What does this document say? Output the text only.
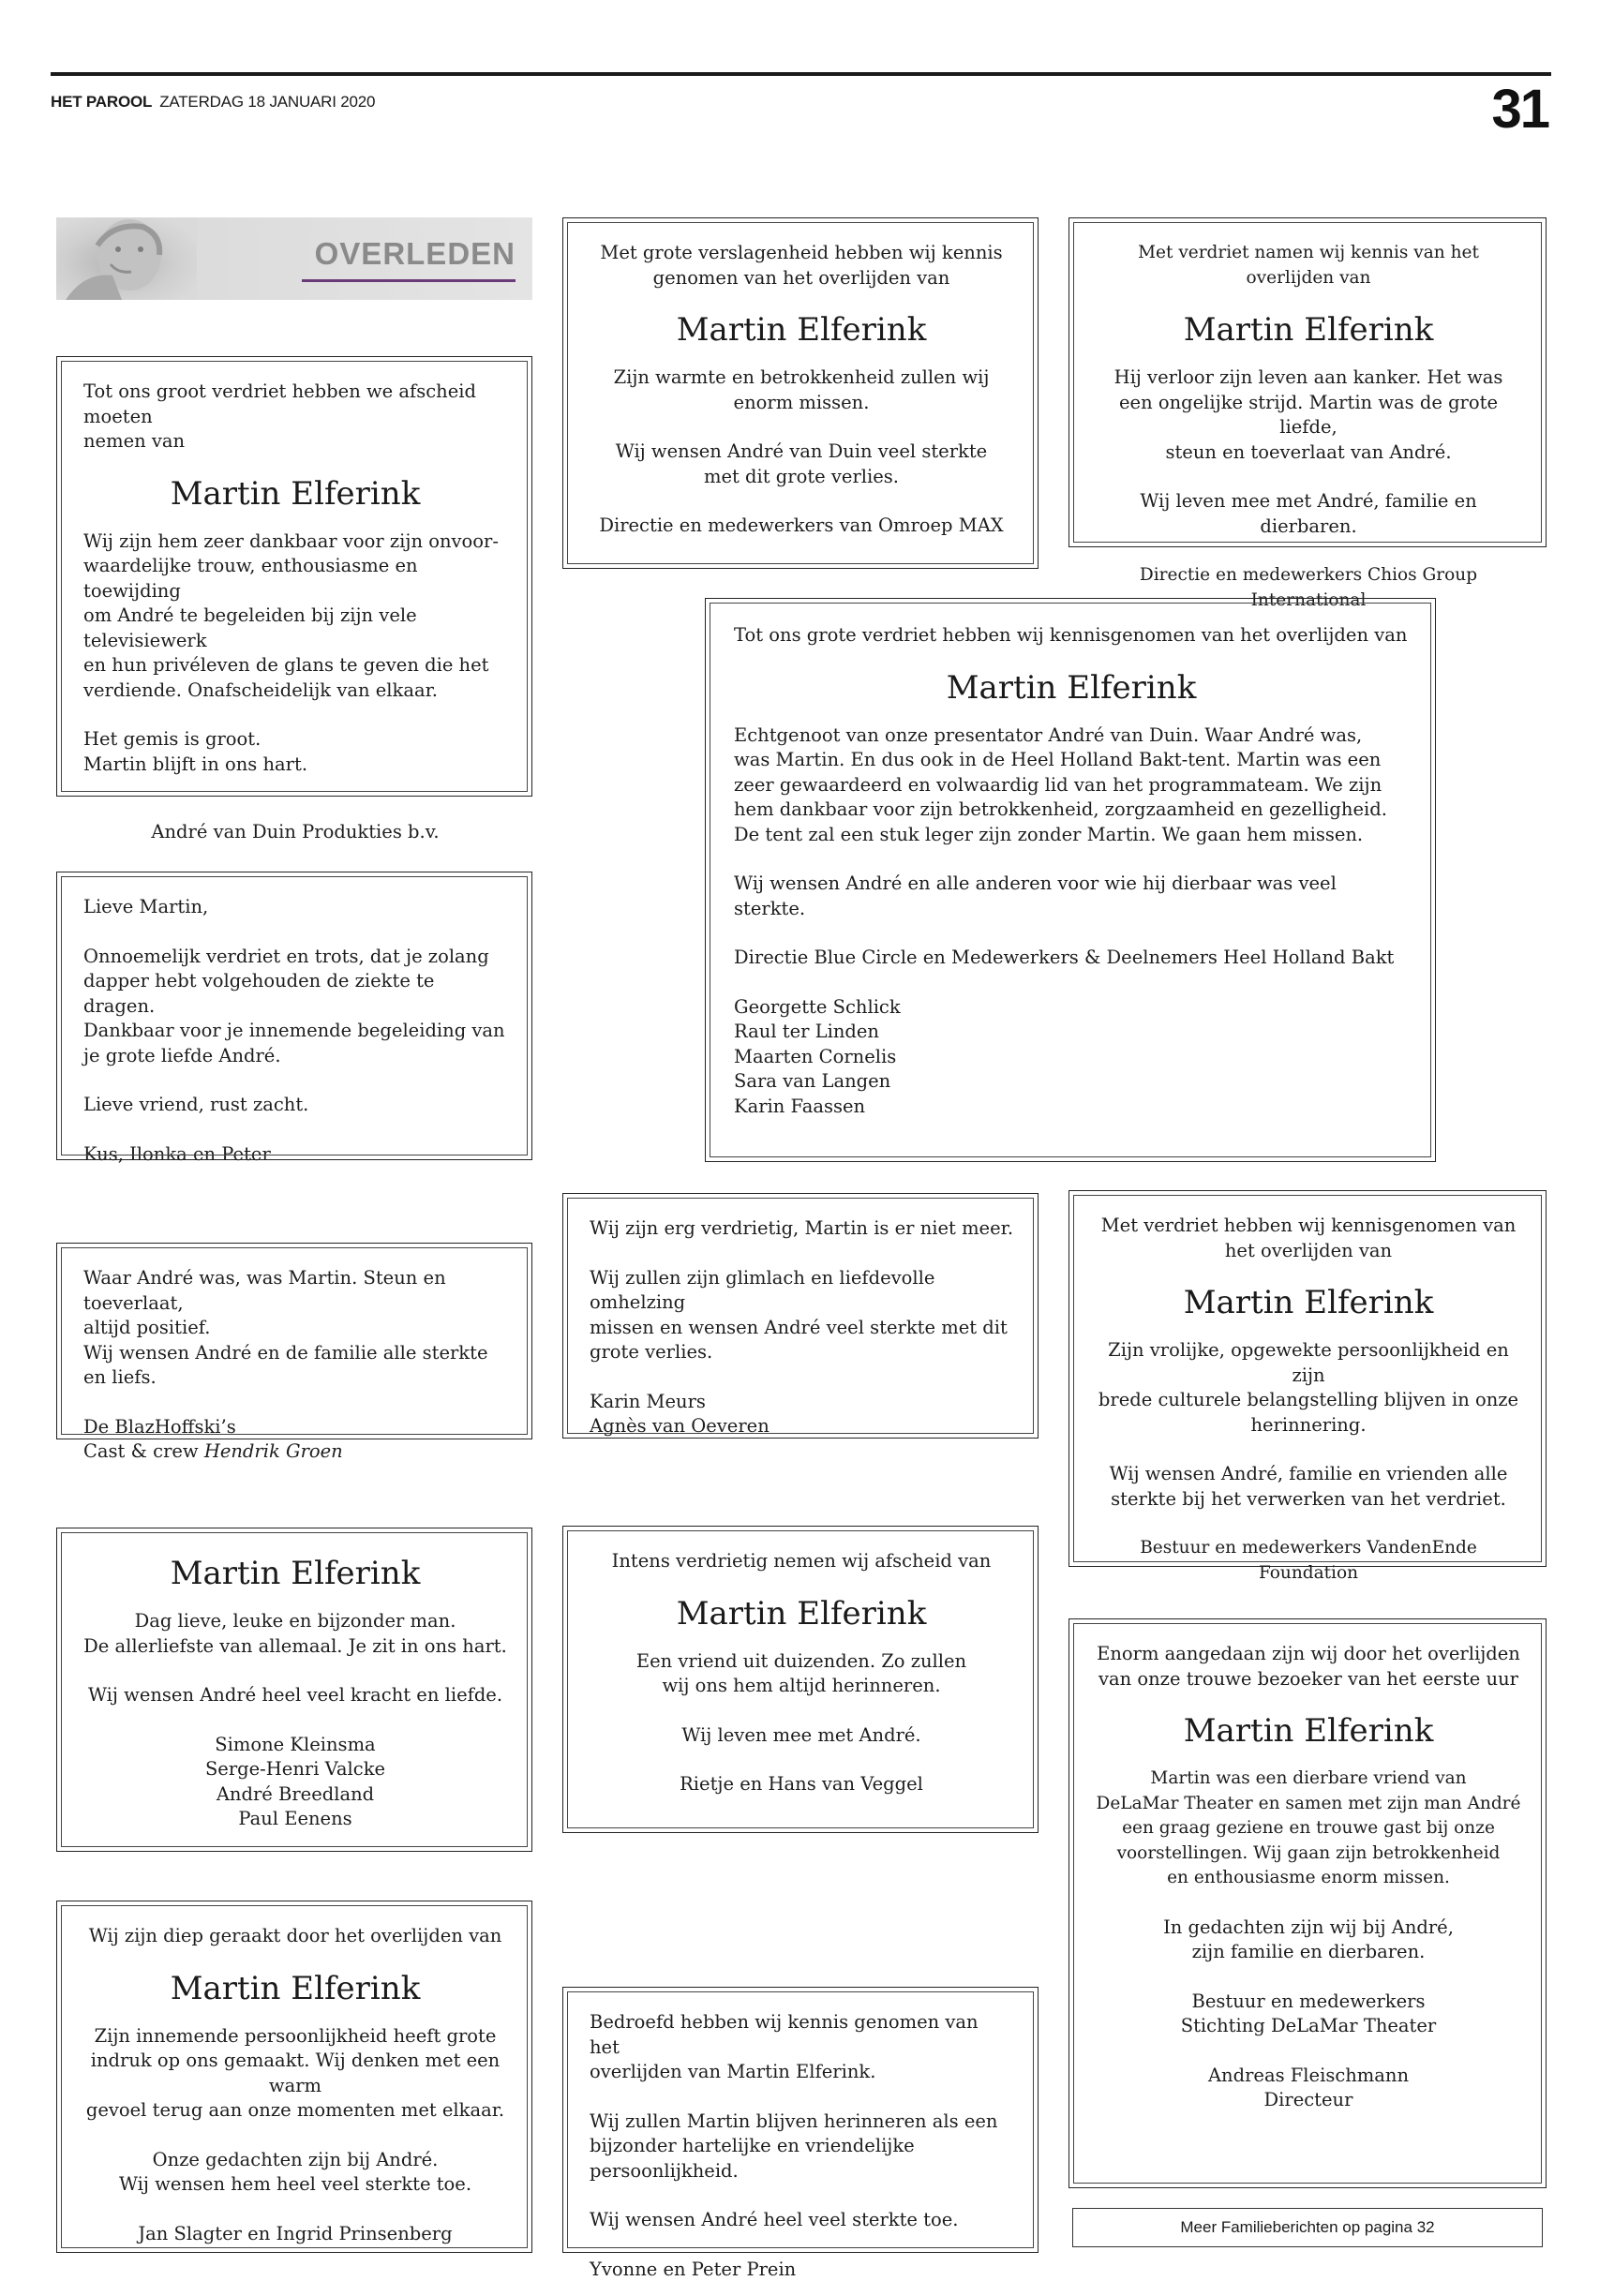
HET PAROOL ZATERDAG 18 JANUARI 2020	31
OVERLEDEN

Tot ons groot verdriet hebben we afscheid moeten
nemen van

Martin Elferink

Wij zijn hem zeer dankbaar voor zijn onvoor-
waardelijke trouw, enthousiasme en toewijding
om André te begeleiden bij zijn vele televisiewerk
en hun privéleven de glans te geven die het
verdiende. Onafscheidelijk van elkaar.

Het gemis is groot.
Martin blijft in ons hart.

André van Duin Produkties b.v.

Met grote verslagenheid hebben wij kennis
genomen van het overlijden van

Martin Elferink

Zijn warmte en betrokkenheid zullen wij
enorm missen.

Wij wensen André van Duin veel sterkte
met dit grote verlies.

Directie en medewerkers van Omroep MAX

Met verdriet namen wij kennis van het overlijden van

Martin Elferink

Hij verloor zijn leven aan kanker. Het was
een ongelijke strijd. Martin was de grote liefde,
steun en toeverlaat van André.

Wij leven mee met André, familie en dierbaren.

Directie en medewerkers Chios Group International

Tot ons grote verdriet hebben wij kennisgenomen van het overlijden van

Martin Elferink

Echtgenoot van onze presentator André van Duin. Waar André was,
was Martin. En dus ook in de Heel Holland Bakt-tent. Martin was een
zeer gewaardeerd en volwaardig lid van het programmateam. We zijn
hem dankbaar voor zijn betrokkenheid, zorgzaamheid en gezelligheid.
De tent zal een stuk leger zijn zonder Martin. We gaan hem missen.

Wij wensen André en alle anderen voor wie hij dierbaar was veel sterkte.

Directie Blue Circle en Medewerkers & Deelnemers Heel Holland Bakt

Georgette Schlick
Raul ter Linden
Maarten Cornelis
Sara van Langen
Karin Faassen

Lieve Martin,

Onnoemelijk verdriet en trots, dat je zolang
dapper hebt volgehouden de ziekte te dragen.
Dankbaar voor je innemende begeleiding van
je grote liefde André.

Lieve vriend, rust zacht.

Kus, Ilonka en Peter

Waar André was, was Martin. Steun en toeverlaat,
altijd positief.
Wij wensen André en de familie alle sterkte en liefs.

De BlazHoffski’s

Cast & crew Hendrik Groen

Wij zijn erg verdrietig, Martin is er niet meer.

Wij zullen zijn glimlach en liefdevolle omhelzing
missen en wensen André veel sterkte met dit
grote verlies.

Karin Meurs
Agnès van Oeveren

Met verdriet hebben wij kennisgenomen van
het overlijden van

Martin Elferink

Zijn vrolijke, opgewekte persoonlijkheid en zijn
brede culturele belangstelling blijven in onze
herinnering.

Wij wensen André, familie en vrienden alle
sterkte bij het verwerken van het verdriet.

Bestuur en medewerkers VandenEnde Foundation

Martin Elferink

Dag lieve, leuke en bijzonder man.
De allerliefste van allemaal. Je zit in ons hart.

Wij wensen André heel veel kracht en liefde.

Simone Kleinsma
Serge-Henri Valcke
André Breedland
Paul Eenens

Intens verdrietig nemen wij afscheid van

Martin Elferink

Een vriend uit duizenden. Zo zullen
wij ons hem altijd herinneren.

Wij leven mee met André.

Rietje en Hans van Veggel

Enorm aangedaan zijn wij door het overlijden
van onze trouwe bezoeker van het eerste uur

Martin Elferink

Martin was een dierbare vriend van
DeLaMar Theater en samen met zijn man André
een graag geziene en trouwe gast bij onze
voorstellingen. Wij gaan zijn betrokkenheid
en enthousiasme enorm missen.

In gedachten zijn wij bij André,
zijn familie en dierbaren.

Bestuur en medewerkers
Stichting DeLaMar Theater

Andreas Fleischmann
Directeur

Wij zijn diep geraakt door het overlijden van

Martin Elferink

Zijn innemende persoonlijkheid heeft grote
indruk op ons gemaakt. Wij denken met een warm
gevoel terug aan onze momenten met elkaar.

Onze gedachten zijn bij André.
Wij wensen hem heel veel sterkte toe.

Jan Slagter en Ingrid Prinsenberg

Bedroefd hebben wij kennis genomen van het
overlijden van Martin Elferink.

Wij zullen Martin blijven herinneren als een
bijzonder hartelijke en vriendelijke persoonlijkheid.

Wij wensen André heel veel sterkte toe.

Yvonne en Peter Prein

Meer Familieberichten op pagina 32
